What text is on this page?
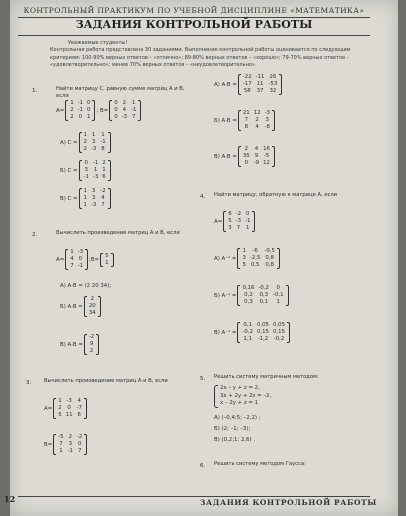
КОНТРОЛЬНЫЙ ПРАКТИКУМ ПО УЧЕБНОЙ ДИСЦИПЛИНЕ «МАТЕМАТИКА»
ЗАДАНИЯ КОНТРОЛЬНОЙ РАБОТЫ
Уважаемые студенты!
Контрольная работа представлена 30 заданиями. Выполнение контрольной работы оценивается по следующим критериям: 100-90% верных ответов – «отлично»; 89-80% верных ответов – «хорошо»; 79-70% верных ответов – «удовлетворительно»; менее 70% верных ответов – «неудовлетворительно».
1.	Найти матрицу C, равную сумме матриц A и B, если
A=
1	-1	0
2	-1	0
2	0	1
; B=
0	2	1
0	4	-1
0	-3	7
А) C =
1	1	1
2	3	-1
2	-3	8
Б) C =
0	-1	2
3	1	1
-1	-3	6
В) C =
1	3	-2
1	3	4
1	-3	7
А) A·B =
-22	-11	26
-17	11	-53
58	37	32
Б) A·B =
21	12	-3
7	2	3
8	4	-8
В) A·B =
2	4	16
35	9	-5
0	-9	12
2.	Вычислить произведение матриц A и B, если
A=
1	-3
4	0
7	-1
;B=
5
1
А) A·B = (2 20 34);
Б) A·B =
2
20
34
В) A·B =
-2
9
2
4. Найти матрицу, обратную к матрице A, если
A=
6	-2	0
5	-3	-1
3	7	1
А) A⁻¹ =
1	-6	-0,5
3	-2,5	0,8
5	0,5	0,8
Б) A⁻¹ =
0,16	-0,2	0
0,2	0,3	-0,1
0,3	0,1	1
В) A⁻¹ =
0,1	0,05	0,05
-0,2	0,15	0,15
1,1	-1,2	-0,2
3. Вычислить произведение матриц A и B, если
A=
1	-3	4
2	0	-7
5	11	6
B=
-5	2	-2
7	3	0
1	-1	7
5. Решить систему матричным методом:
2x – y + z = 2,
3x + 2y + 2z = –2,
x – 2y + z = 1
А) (–0,4;5; –2,2) ;
Б) (2; –1; –3);
В) (0,2;1; 2,6) .
6. Решить систему методом Гаусса:
12	ЗАДАНИЯ КОНТРОЛЬНОЙ РАБОТЫ
